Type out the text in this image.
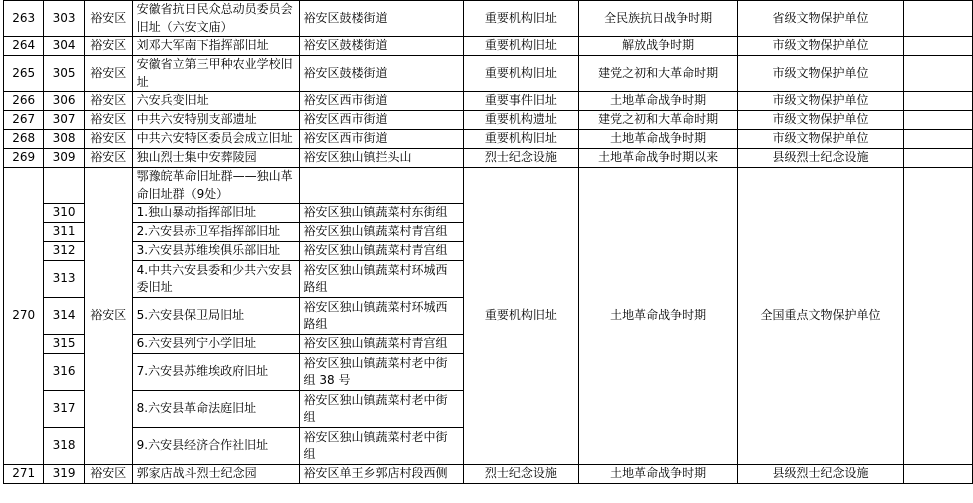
263	303	裕安区	安徽省抗日民众总动员委员会旧址（六安文庙）	裕安区鼓楼街道	重要机构旧址	全民族抗日战争时期	省级文物保护单位	
264	304	裕安区	刘邓大军南下指挥部旧址	裕安区鼓楼街道	重要机构旧址	解放战争时期	市级文物保护单位	
265	305	裕安区	安徽省立第三甲种农业学校旧址	裕安区鼓楼街道	重要机构旧址	建党之初和大革命时期	市级文物保护单位	
266	306	裕安区	六安兵变旧址	裕安区西市街道	重要事件旧址	土地革命战争时期	市级文物保护单位	
267	307	裕安区	中共六安特别支部遗址	裕安区西市街道	重要机构遗址	建党之初和大革命时期	市级文物保护单位	
268	308	裕安区	中共六安特区委员会成立旧址	裕安区西市街道	重要机构旧址	土地革命战争时期	市级文物保护单位	
269	309	裕安区	独山烈士集中安葬陵园	裕安区独山镇拦头山	烈士纪念设施	土地革命战争时期以来	县级烈士纪念设施	
270		裕安区	鄂豫皖革命旧址群——独山革命旧址群（9处）		重要机构旧址	土地革命战争时期	全国重点文物保护单位	
	310		1.独山暴动指挥部旧址	裕安区独山镇蔬菜村东街组				
	311		2.六安县赤卫军指挥部旧址	裕安区独山镇蔬菜村青宫组				
	312		3.六安县苏维埃俱乐部旧址	裕安区独山镇蔬菜村青宫组				
	313		4.中共六安县委和少共六安县委旧址	裕安区独山镇蔬菜村环城西路组				
	314		5.六安县保卫局旧址	裕安区独山镇蔬菜村环城西路组				
	315		6.六安县列宁小学旧址	裕安区独山镇蔬菜村青宫组				
	316		7.六安县苏维埃政府旧址	裕安区独山镇蔬菜村老中街组 38 号				
	317		8.六安县革命法庭旧址	裕安区独山镇蔬菜村老中街组				
	318		9.六安县经济合作社旧址	裕安区独山镇蔬菜村老中街组				
271	319	裕安区	郭家店战斗烈士纪念园	裕安区单王乡郭店村段西侧	烈士纪念设施	土地革命战争时期	县级烈士纪念设施	
